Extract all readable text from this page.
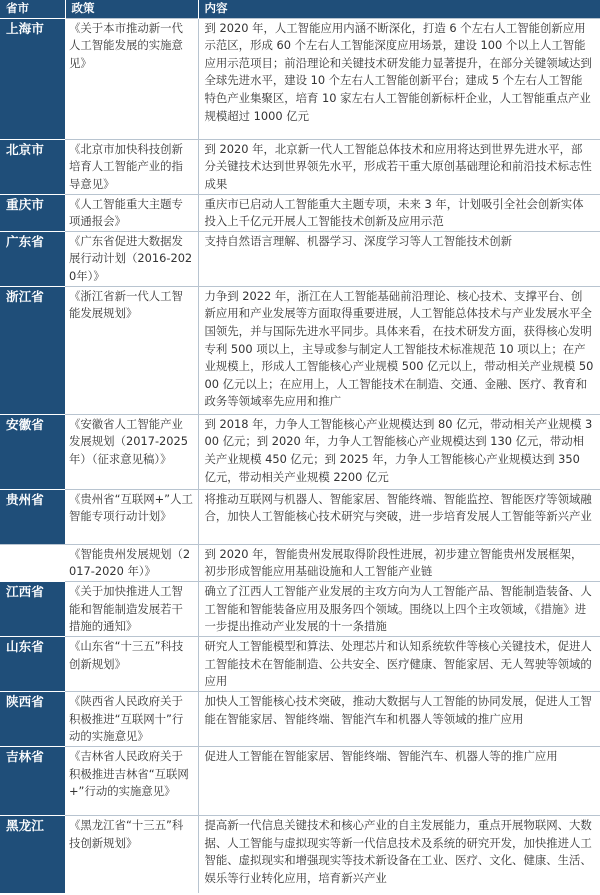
省市	政策	内容
上海市	《关于本市推动新一代人工智能发展的实施意见》	到 2020 年，人工智能应用内涵不断深化，打造 6 个左右人工智能创新应用示范区，形成 60 个左右人工智能深度应用场景，建设 100 个以上人工智能应用示范项目；前沿理论和关键技术研发能力显著提升，在部分关键领域达到全球先进水平，建设 10 个左右人工智能创新平台；建成 5 个左右人工智能特色产业集聚区，培育 10 家左右人工智能创新标杆企业，人工智能重点产业规模超过 1000 亿元
北京市	《北京市加快科技创新培育人工智能产业的指导意见》	到 2020 年，北京新一代人工智能总体技术和应用将达到世界先进水平，部分关键技术达到世界领先水平，形成若干重大原创基础理论和前沿技术标志性成果
重庆市	《人工智能重大主题专项通报会》	重庆市已启动人工智能重大主题专项，未来 3 年，计划吸引全社会创新实体投入上千亿元开展人工智能技术创新及应用示范
广东省	《广东省促进大数据发展行动计划（2016-2020年）》	支持自然语言理解、机器学习、深度学习等人工智能技术创新
浙江省	《浙江省新一代人工智能发展规划》	力争到 2022 年，浙江在人工智能基础前沿理论、核心技术、支撑平台、创新应用和产业发展等方面取得重要进展，人工智能总体技术与产业发展水平全国领先，并与国际先进水平同步。具体来看，在技术研发方面，获得核心发明专利 500 项以上，主导或参与制定人工智能技术标准规范 10 项以上；在产业规模上，形成人工智能核心产业规模 500 亿元以上，带动相关产业规模 5000 亿元以上；在应用上，人工智能技术在制造、交通、金融、医疗、教育和政务等领域率先应用和推广
安徽省	《安徽省人工智能产业发展规划（2017-2025 年）（征求意见稿）》	到 2018 年，力争人工智能核心产业规模达到 80 亿元，带动相关产业规模 300 亿元；到 2020 年，力争人工智能核心产业规模达到 130 亿元，带动相关产业规模 450 亿元；到 2025 年，力争人工智能核心产业规模达到 350 亿元，带动相关产业规模 2200 亿元
贵州省	《贵州省“互联网+”人工智能专项行动计划》	将推动互联网与机器人、智能家居、智能终端、智能监控、智能医疗等领域融合，加快人工智能核心技术研究与突破，进一步培育发展人工智能等新兴产业
	《智能贵州发展规划（2017-2020 年）》	到 2020 年，智能贵州发展取得阶段性进展，初步建立智能贵州发展框架，初步形成智能应用基础设施和人工智能产业链
江西省	《关于加快推进人工智能和智能制造发展若干措施的通知》	确立了江西人工智能产业发展的主攻方向为人工智能产品、智能制造装备、人工智能和智能装备应用及服务四个领域。围绕以上四个主攻领域，《措施》进一步提出推动产业发展的十一条措施
山东省	《山东省“十三五”科技创新规划》	研究人工智能模型和算法、处理芯片和认知系统软件等核心关键技术，促进人工智能技术在智能制造、公共安全、医疗健康、智能家居、无人驾驶等领域的应用
陕西省	《陕西省人民政府关于积极推进“互联网十”行动的实施意见》	加快人工智能核心技术突破，推动大数据与人工智能的协同发展，促进人工智能在智能家居、智能终端、智能汽车和机器人等领域的推广应用
吉林省	《吉林省人民政府关于积极推进吉林省“互联网+”行动的实施意见》	促进人工智能在智能家居、智能终端、智能汽车、机器人等的推广应用
黑龙江	《黑龙江省“十三五”科技创新规划》	提高新一代信息关键技术和核心产业的自主发展能力，重点开展物联网、大数据、人工智能与虚拟现实等新一代信息技术及系统的研究开发，加快推进人工智能、虚拟现实和增强现实等技术新设备在工业、医疗、文化、健康、生活、娱乐等行业转化应用，培育新兴产业
